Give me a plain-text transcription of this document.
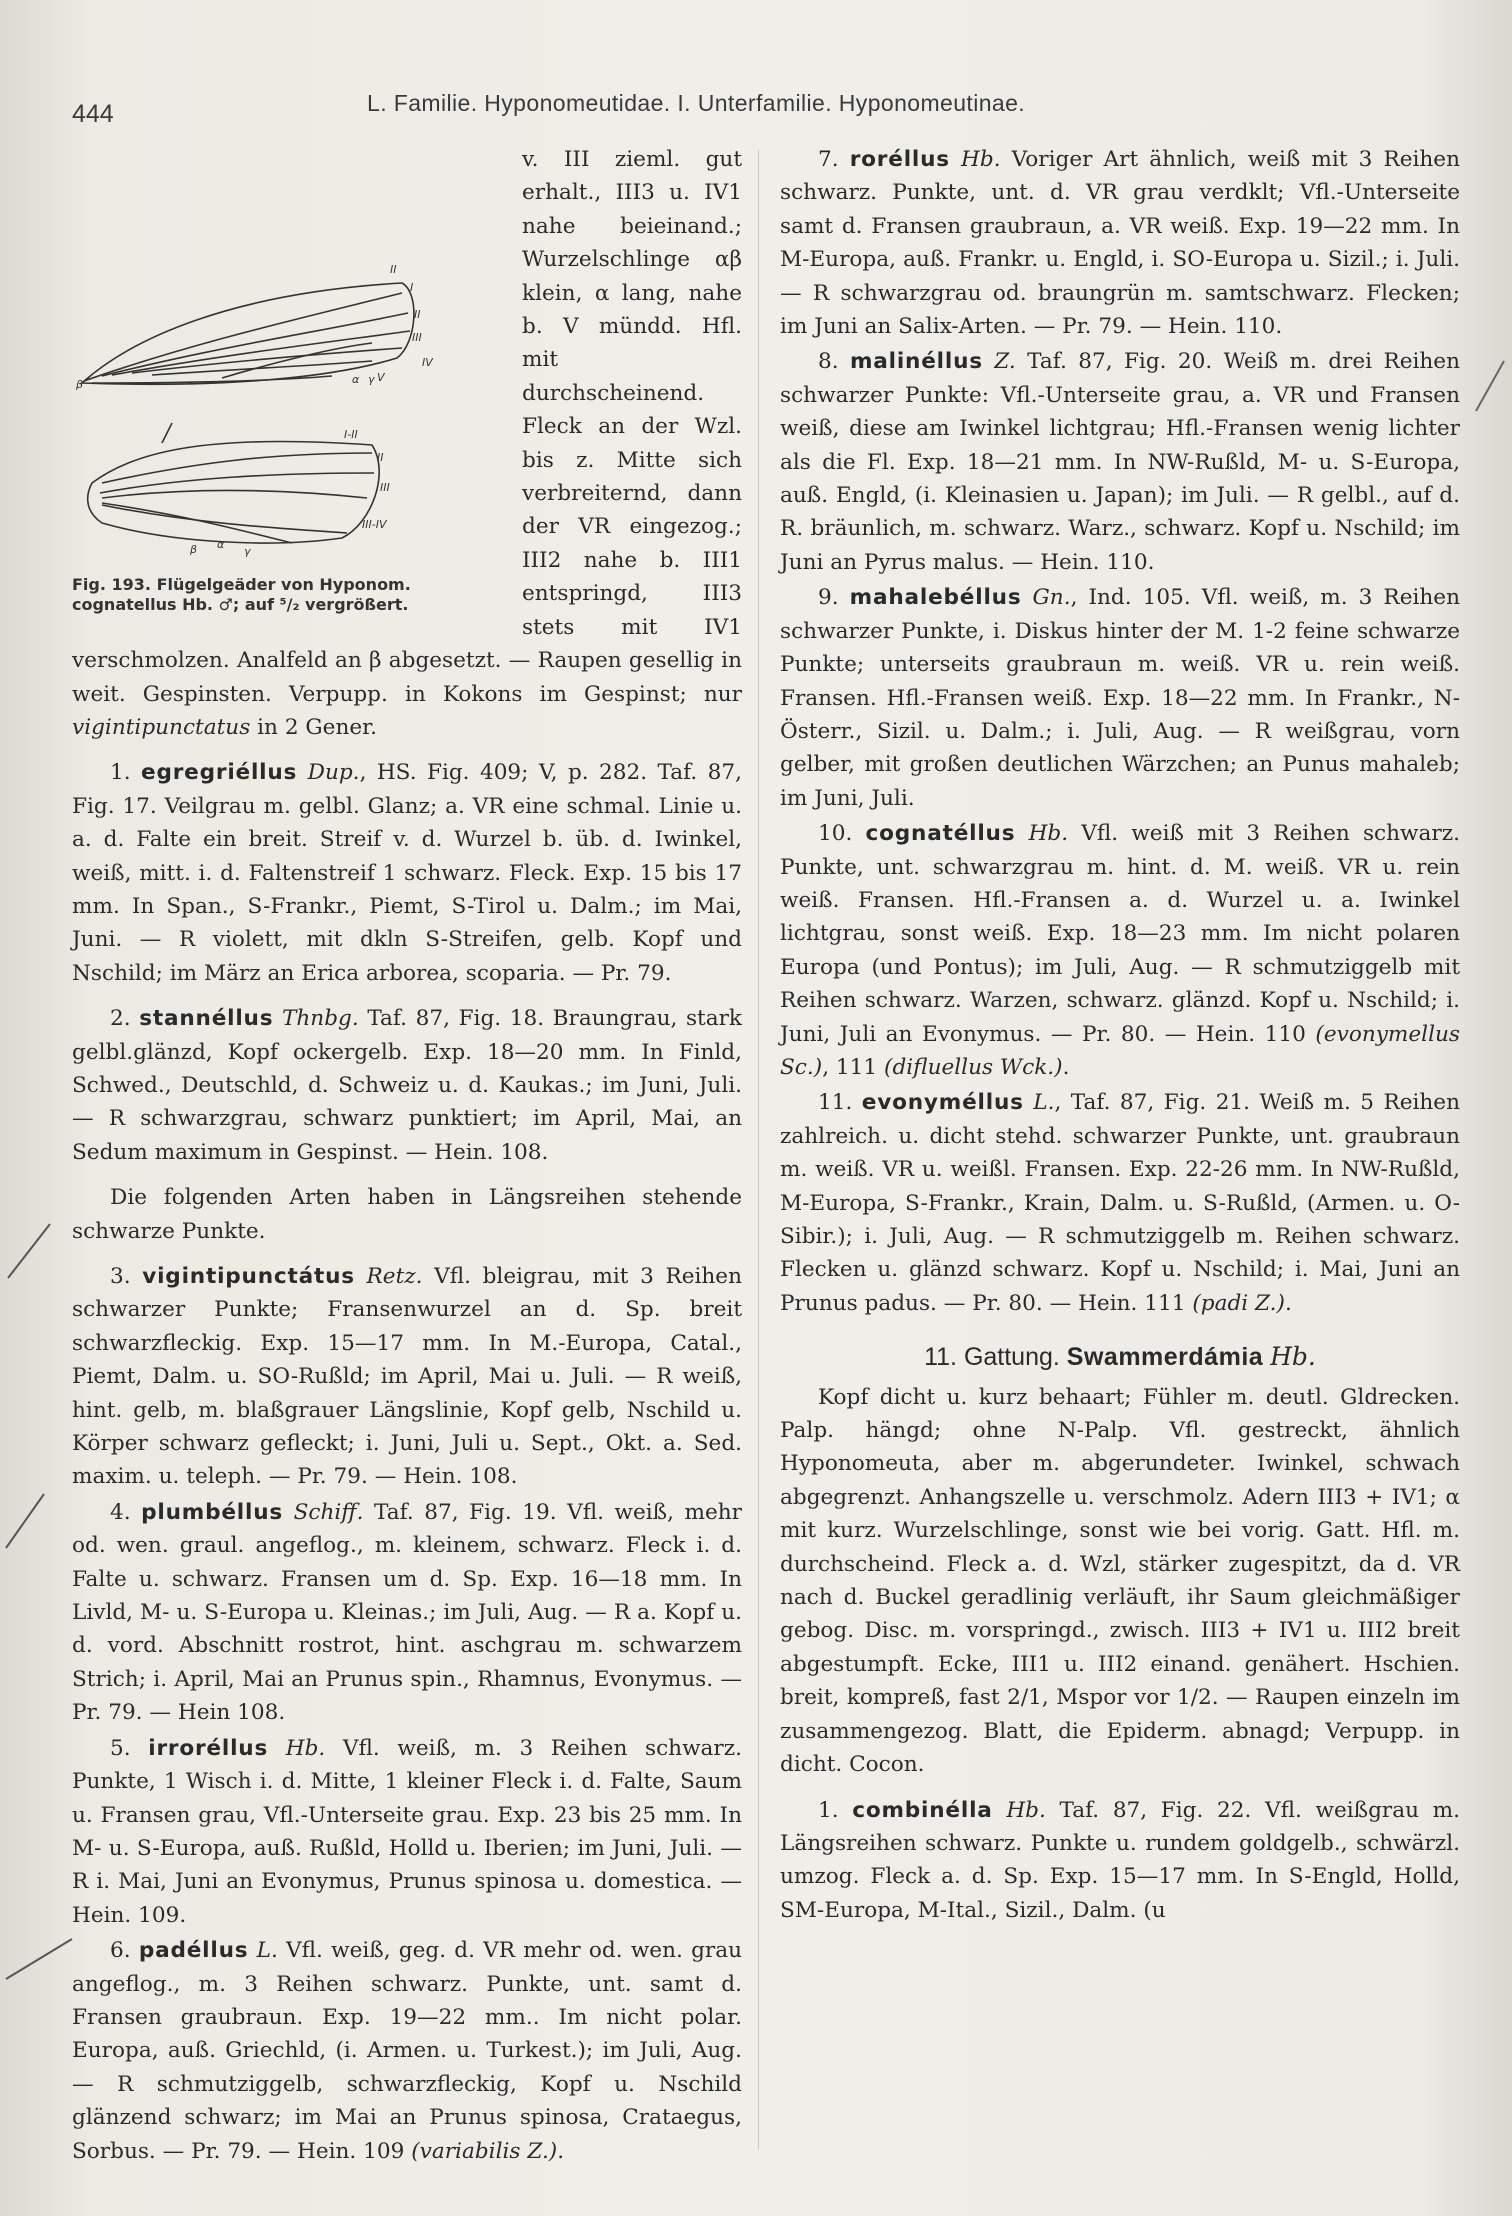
444	L. Familie. Hyponomeutidae. I. Unterfamilie. Hyponomeutinae.
I
II
II
III
IV
V
α γ
β
I-II
II
III
III-IV
α
β	γ
Fig. 193. Flügelgeäder von Hyponom.
cognatellus Hb. ♂; auf ⁵/₂ vergrößert.

v. III zieml. gut erhalt., III3 u. IV1 nahe beieinand.; Wurzelschlinge αβ klein, α lang, nahe b. V mündd. Hfl. mit durchscheinend. Fleck an der Wzl. bis z. Mitte sich verbreiternd, dann der VR eingezog.; III2 nahe b. III1 entspringd, III3 stets mit IV1 verschmolzen. Analfeld an β abgesetzt. — Raupen gesellig in weit. Gespinsten. Verpupp. in Kokons im Gespinst; nur vigintipunctatus in 2 Gener.

1. egregriéllus Dup., HS. Fig. 409; V, p. 282. Taf. 87, Fig. 17. Veilgrau m. gelbl. Glanz; a. VR eine schmal. Linie u. a. d. Falte ein breit. Streif v. d. Wurzel b. üb. d. Iwinkel, weiß, mitt. i. d. Faltenstreif 1 schwarz. Fleck. Exp. 15 bis 17 mm. In Span., S-Frankr., Piemt, S-Tirol u. Dalm.; im Mai, Juni. — R violett, mit dkln S-Streifen, gelb. Kopf und Nschild; im März an Erica arborea, scoparia. — Pr. 79.

2. stannéllus Thnbg. Taf. 87, Fig. 18. Braungrau, stark gelbl.glänzd, Kopf ockergelb. Exp. 18—20 mm. In Finld, Schwed., Deutschld, d. Schweiz u. d. Kaukas.; im Juni, Juli. — R schwarzgrau, schwarz punktiert; im April, Mai, an Sedum maximum in Gespinst. — Hein. 108.

Die folgenden Arten haben in Längsreihen stehende schwarze Punkte.

3. vigintipunctátus Retz. Vfl. bleigrau, mit 3 Reihen schwarzer Punkte; Fransenwurzel an d. Sp. breit schwarzfleckig. Exp. 15—17 mm. In M.-Europa, Catal., Piemt, Dalm. u. SO-Rußld; im April, Mai u. Juli. — R weiß, hint. gelb, m. blaßgrauer Längslinie, Kopf gelb, Nschild u. Körper schwarz gefleckt; i. Juni, Juli u. Sept., Okt. a. Sed. maxim. u. teleph. — Pr. 79. — Hein. 108.

4. plumbéllus Schiff. Taf. 87, Fig. 19. Vfl. weiß, mehr od. wen. graul. angeflog., m. kleinem, schwarz. Fleck i. d. Falte u. schwarz. Fransen um d. Sp. Exp. 16—18 mm. In Livld, M- u. S-Europa u. Kleinas.; im Juli, Aug. — R a. Kopf u. d. vord. Abschnitt rostrot, hint. aschgrau m. schwarzem Strich; i. April, Mai an Prunus spin., Rhamnus, Evonymus. — Pr. 79. — Hein 108.

5. irroréllus Hb. Vfl. weiß, m. 3 Reihen schwarz. Punkte, 1 Wisch i. d. Mitte, 1 kleiner Fleck i. d. Falte, Saum u. Fransen grau, Vfl.-Unterseite grau. Exp. 23 bis 25 mm. In M- u. S-Europa, auß. Rußld, Holld u. Iberien; im Juni, Juli. — R i. Mai, Juni an Evonymus, Prunus spinosa u. domestica. — Hein. 109.

6. padéllus L. Vfl. weiß, geg. d. VR mehr od. wen. grau angeflog., m. 3 Reihen schwarz. Punkte, unt. samt d. Fransen graubraun. Exp. 19—22 mm.. Im nicht polar. Europa, auß. Griechld, (i. Armen. u. Turkest.); im Juli, Aug. — R schmutziggelb, schwarzfleckig, Kopf u. Nschild glänzend schwarz; im Mai an Prunus spinosa, Crataegus, Sorbus. — Pr. 79. — Hein. 109 (variabilis Z.).

7. roréllus Hb. Voriger Art ähnlich, weiß mit 3 Reihen schwarz. Punkte, unt. d. VR grau verdklt; Vfl.-Unterseite samt d. Fransen graubraun, a. VR weiß. Exp. 19—22 mm. In M-Europa, auß. Frankr. u. Engld, i. SO-Europa u. Sizil.; i. Juli. — R schwarzgrau od. braungrün m. samtschwarz. Flecken; im Juni an Salix-Arten. — Pr. 79. — Hein. 110.

8. malinéllus Z. Taf. 87, Fig. 20. Weiß m. drei Reihen schwarzer Punkte: Vfl.-Unterseite grau, a. VR und Fransen weiß, diese am Iwinkel lichtgrau; Hfl.-Fransen wenig lichter als die Fl. Exp. 18—21 mm. In NW-Rußld, M- u. S-Europa, auß. Engld, (i. Kleinasien u. Japan); im Juli. — R gelbl., auf d. R. bräunlich, m. schwarz. Warz., schwarz. Kopf u. Nschild; im Juni an Pyrus malus. — Hein. 110.

9. mahalebéllus Gn., Ind. 105. Vfl. weiß, m. 3 Reihen schwarzer Punkte, i. Diskus hinter der M. 1-2 feine schwarze Punkte; unterseits graubraun m. weiß. VR u. rein weiß. Fransen. Hfl.-Fransen weiß. Exp. 18—22 mm. In Frankr., N-Österr., Sizil. u. Dalm.; i. Juli, Aug. — R weißgrau, vorn gelber, mit großen deutlichen Wärzchen; an Punus mahaleb; im Juni, Juli.

10. cognatéllus Hb. Vfl. weiß mit 3 Reihen schwarz. Punkte, unt. schwarzgrau m. hint. d. M. weiß. VR u. rein weiß. Fransen. Hfl.-Fransen a. d. Wurzel u. a. Iwinkel lichtgrau, sonst weiß. Exp. 18—23 mm. Im nicht polaren Europa (und Pontus); im Juli, Aug. — R schmutziggelb mit Reihen schwarz. Warzen, schwarz. glänzd. Kopf u. Nschild; i. Juni, Juli an Evonymus. — Pr. 80. — Hein. 110 (evonymellus Sc.), 111 (difluellus Wck.).

11. evonyméllus L., Taf. 87, Fig. 21. Weiß m. 5 Reihen zahlreich. u. dicht stehd. schwarzer Punkte, unt. graubraun m. weiß. VR u. weißl. Fransen. Exp. 22-26 mm. In NW-Rußld, M-Europa, S-Frankr., Krain, Dalm. u. S-Rußld, (Armen. u. O-Sibir.); i. Juli, Aug. — R schmutziggelb m. Reihen schwarz. Flecken u. glänzd schwarz. Kopf u. Nschild; i. Mai, Juni an Prunus padus. — Pr. 80. — Hein. 111 (padi Z.).

11. Gattung. Swammerdámia Hb.

Kopf dicht u. kurz behaart; Fühler m. deutl. Gldrecken. Palp. hängd; ohne N-Palp. Vfl. gestreckt, ähnlich Hyponomeuta, aber m. abgerundeter. Iwinkel, schwach abgegrenzt. Anhangszelle u. verschmolz. Adern III3 + IV1; α mit kurz. Wurzelschlinge, sonst wie bei vorig. Gatt. Hfl. m. durchscheind. Fleck a. d. Wzl, stärker zugespitzt, da d. VR nach d. Buckel geradlinig verläuft, ihr Saum gleichmäßiger gebog. Disc. m. vorspringd., zwisch. III3 + IV1 u. III2 breit abgestumpft. Ecke, III1 u. III2 einand. genähert. Hschien. breit, kompreß, fast 2/1, Mspor vor 1/2. — Raupen einzeln im zusammengezog. Blatt, die Epiderm. abnagd; Verpupp. in dicht. Cocon.

1. combinélla Hb. Taf. 87, Fig. 22. Vfl. weißgrau m. Längsreihen schwarz. Punkte u. rundem goldgelb., schwärzl. umzog. Fleck a. d. Sp. Exp. 15—17 mm. In S-Engld, Holld, SM-Europa, M-Ital., Sizil., Dalm. (u
